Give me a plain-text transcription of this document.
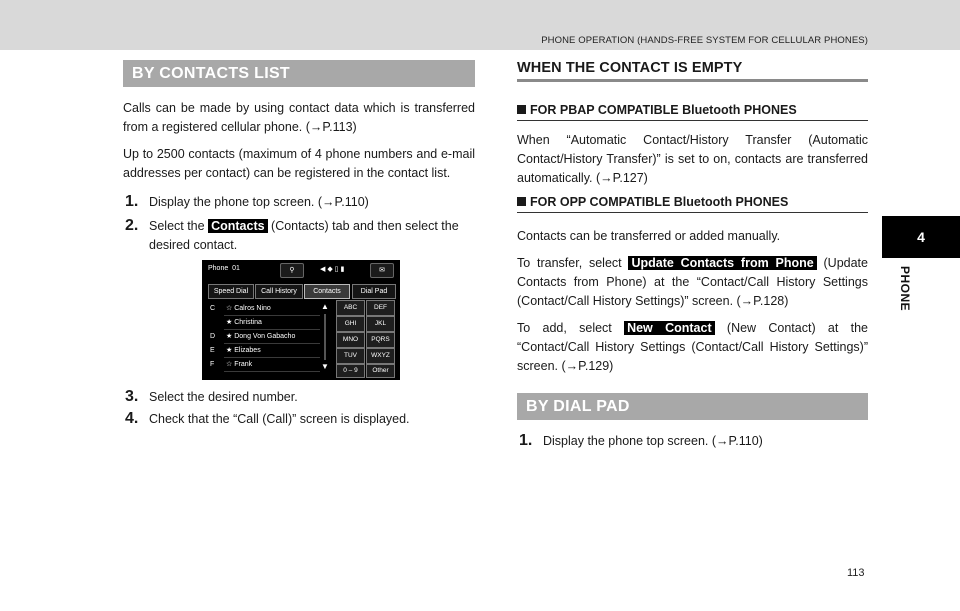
PHONE OPERATION (HANDS-FREE SYSTEM FOR CELLULAR PHONES)
4
PHONE
BY CONTACTS LIST

Calls can be made by using contact data which is transferred from a registered cellular phone. (→P.113)

Up to 2500 contacts (maximum of 4 phone numbers and e-mail addresses per contact) can be registered in the contact list.

1. Display the phone top screen. (→P.110)
2. Select the Contacts (Contacts) tab and then select the desired contact.
Phone 01	⚲	◀ ◆ ▯ ▮	✉
Speed Dial	Call History	Contacts	Dial Pad
C ☆ Calros Nino
★ Christina
D ★ Dong Von Gabacho
E ★ Elizabes
F ☆ Frank
▲
▼
ABC	DEF
GHI	JKL
MNO	PQRS
TUV	WXYZ
0 – 9	Other
3. Select the desired number.
4. Check that the “Call (Call)” screen is displayed.
WHEN THE CONTACT IS EMPTY
FOR PBAP COMPATIBLE Bluetooth PHONES

When “Automatic Contact/History Transfer (Automatic Contact/History Transfer)” is set to on, contacts are transferred automatically. (→P.127)

FOR OPP COMPATIBLE Bluetooth PHONES

Contacts can be transferred or added manually.

To transfer, select Update Contacts from Phone (Update Contacts from Phone) at the “Contact/Call History Settings (Contact/Call History Settings)” screen. (→P.128)

To add, select New Contact (New Contact) at the “Contact/Call History Settings (Contact/Call History Settings)” screen. (→P.129)

BY DIAL PAD
1. Display the phone top screen. (→P.110)
113
